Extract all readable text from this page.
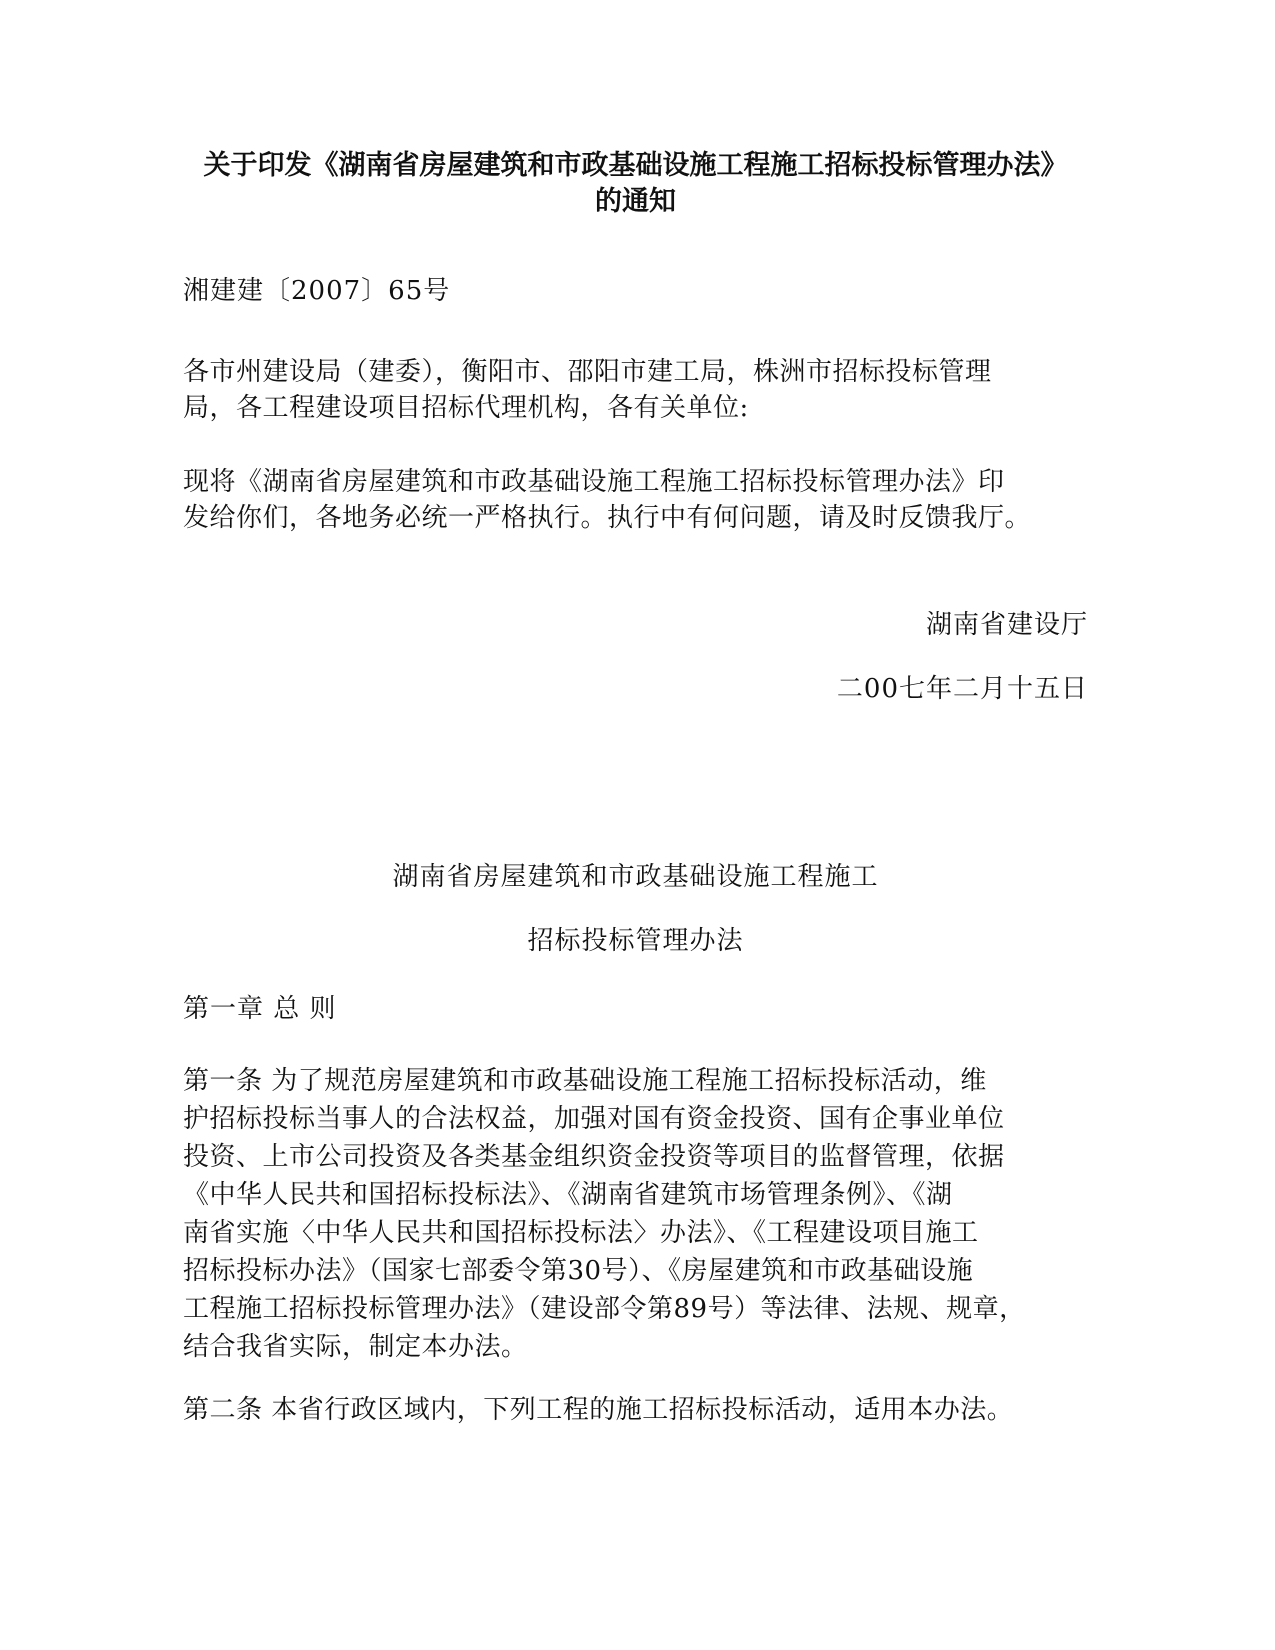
关于印发《湖南省房屋建筑和市政基础设施工程施工招标投标管理办法》
的通知
湘建建〔2007〕65号

各市州建设局（建委），衡阳市、邵阳市建工局，株洲市招标投标管理
局，各工程建设项目招标代理机构，各有关单位:

现将《湖南省房屋建筑和市政基础设施工程施工招标投标管理办法》印
发给你们，各地务必统一严格执行。执行中有何问题，请及时反馈我厅。

湖南省建设厅
二00七年二月十五日
湖南省房屋建筑和市政基础设施工程施工
招标投标管理办法
第一章 总 则

第一条 为了规范房屋建筑和市政基础设施工程施工招标投标活动，维
护招标投标当事人的合法权益，加强对国有资金投资、国有企事业单位
投资、上市公司投资及各类基金组织资金投资等项目的监督管理，依据
《中华人民共和国招标投标法》、《湖南省建筑市场管理条例》、《湖
南省实施〈中华人民共和国招标投标法〉办法》、《工程建设项目施工
招标投标办法》（国家七部委令第30号）、《房屋建筑和市政基础设施
工程施工招标投标管理办法》（建设部令第89号）等法律、法规、规章，
结合我省实际，制定本办法。

第二条 本省行政区域内，下列工程的施工招标投标活动，适用本办法。
